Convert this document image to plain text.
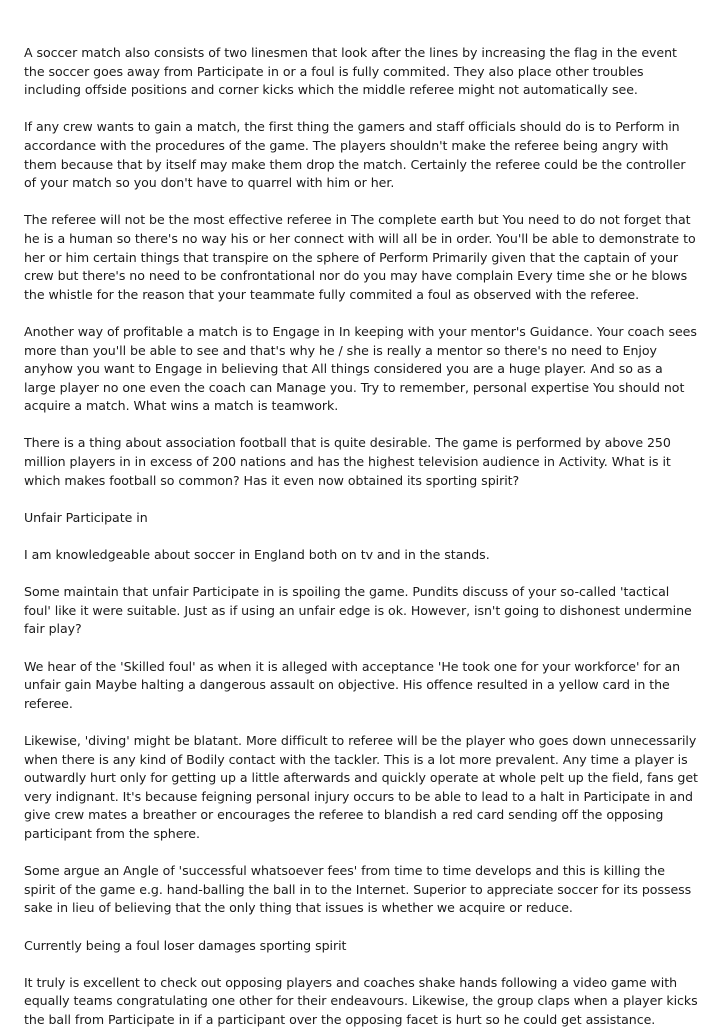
A soccer match also consists of two linesmen that look after the lines by increasing the flag in the event the soccer goes away from Participate in or a foul is fully commited. They also place other troubles including offside positions and corner kicks which the middle referee might not automatically see.

If any crew wants to gain a match, the first thing the gamers and staff officials should do is to Perform in accordance with the procedures of the game. The players shouldn't make the referee being angry with them because that by itself may make them drop the match. Certainly the referee could be the controller of your match so you don't have to quarrel with him or her.

The referee will not be the most effective referee in The complete earth but You need to do not forget that he is a human so there's no way his or her connect with will all be in order. You'll be able to demonstrate to her or him certain things that transpire on the sphere of Perform Primarily given that the captain of your crew but there's no need to be confrontational nor do you may have complain Every time she or he blows the whistle for the reason that your teammate fully commited a foul as observed with the referee.

Another way of profitable a match is to Engage in In keeping with your mentor's Guidance. Your coach sees more than you'll be able to see and that's why he / she is really a mentor so there's no need to Enjoy anyhow you want to Engage in believing that All things considered you are a huge player. And so as a large player no one even the coach can Manage you. Try to remember, personal expertise You should not acquire a match. What wins a match is teamwork.

There is a thing about association football that is quite desirable. The game is performed by above 250 million players in in excess of 200 nations and has the highest television audience in Activity. What is it which makes football so common? Has it even now obtained its sporting spirit?

Unfair Participate in

I am knowledgeable about soccer in England both on tv and in the stands.

Some maintain that unfair Participate in is spoiling the game. Pundits discuss of your so-called 'tactical foul' like it were suitable. Just as if using an unfair edge is ok. However, isn't going to dishonest undermine fair play?

We hear of the 'Skilled foul' as when it is alleged with acceptance 'He took one for your workforce' for an unfair gain Maybe halting a dangerous assault on objective. His offence resulted in a yellow card in the referee.

Likewise, 'diving' might be blatant. More difficult to referee will be the player who goes down unnecessarily when there is any kind of Bodily contact with the tackler. This is a lot more prevalent. Any time a player is outwardly hurt only for getting up a little afterwards and quickly operate at whole pelt up the field, fans get very indignant. It's because feigning personal injury occurs to be able to lead to a halt in Participate in and give crew mates a breather or encourages the referee to blandish a red card sending off the opposing participant from the sphere.

Some argue an Angle of 'successful whatsoever fees' from time to time develops and this is killing the spirit of the game e.g. hand-balling the ball in to the Internet. Superior to appreciate soccer for its possess sake in lieu of believing that the only thing that issues is whether we acquire or reduce.

Currently being a foul loser damages sporting spirit

It truly is excellent to check out opposing players and coaches shake hands following a video game with equally teams congratulating one other for their endeavours. Likewise, the group claps when a player kicks the ball from Participate in if a participant over the opposing facet is hurt so he could get assistance.
